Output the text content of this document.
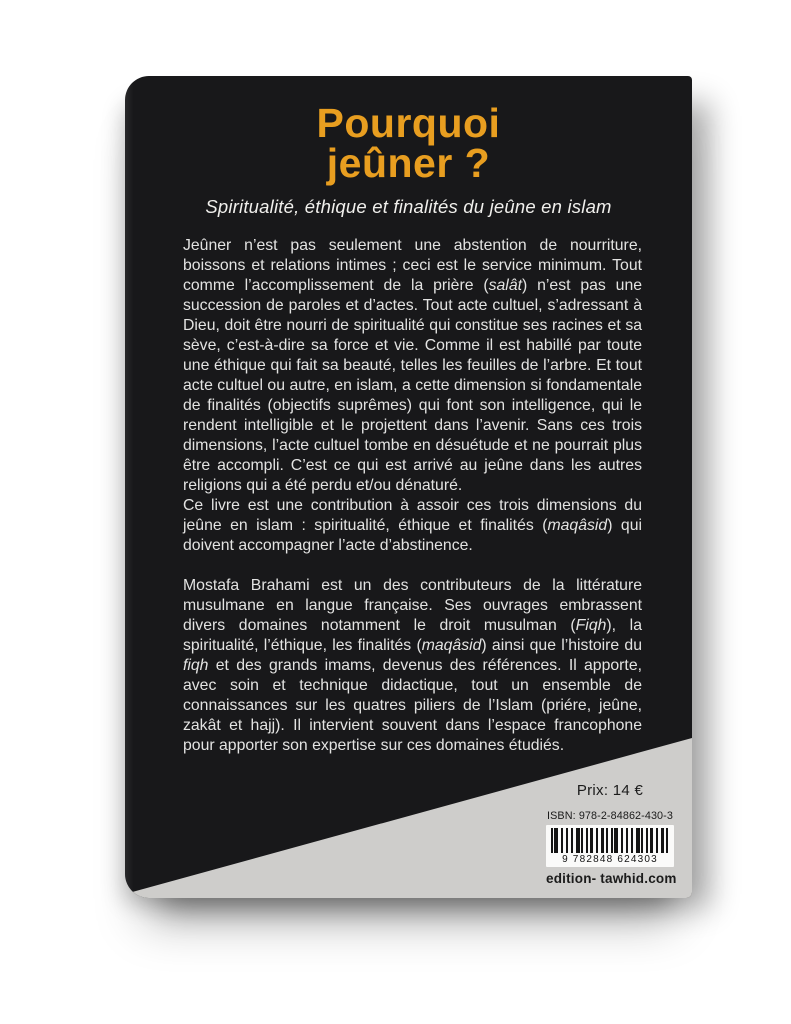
Pourquoi
jeûner ?
Spiritualité, éthique et finalités du jeûne en islam

Jeûner n’est pas seulement une abstention de nourriture, boissons et relations intimes ; ceci est le service minimum. Tout comme l’accomplissement de la prière (salât) n’est pas une succession de paroles et d’actes. Tout acte cultuel, s’adressant à Dieu, doit être nourri de spiritualité qui constitue ses racines et sa sève, c’est-à-dire sa force et vie. Comme il est habillé par toute une éthique qui fait sa beauté, telles les feuilles de l’arbre. Et tout acte cultuel ou autre, en islam, a cette dimension si fondamentale de finalités (objectifs suprêmes) qui font son intelligence, qui le rendent intelligible et le projettent dans l’avenir. Sans ces trois dimensions, l’acte cultuel tombe en désuétude et ne pourrait plus être accompli. C’est ce qui est arrivé au jeûne dans les autres religions qui a été perdu et/ou dénaturé.

Ce livre est une contribution à assoir ces trois dimensions du jeûne en islam : spiritualité, éthique et finalités (maqâsid) qui doivent accompagner l’acte d’abstinence.

Mostafa Brahami est un des contributeurs de la littérature musulmane en langue française. Ses ouvrages embrassent divers domaines notamment le droit musulman (Fiqh), la spiritualité, l’éthique, les finalités (maqâsid) ainsi que l’histoire du fiqh et des grands imams, devenus des références. Il apporte, avec soin et technique didactique, tout un ensemble de connaissances sur les quatres piliers de l’Islam (priére, jeûne, zakât et hajj). Il intervient souvent dans l’espace francophone pour apporter son expertise sur ces domaines étudiés.

Prix: 14 €
ISBN: 978-2-84862-430-3
9 782848 624303
edition- tawhid.com
